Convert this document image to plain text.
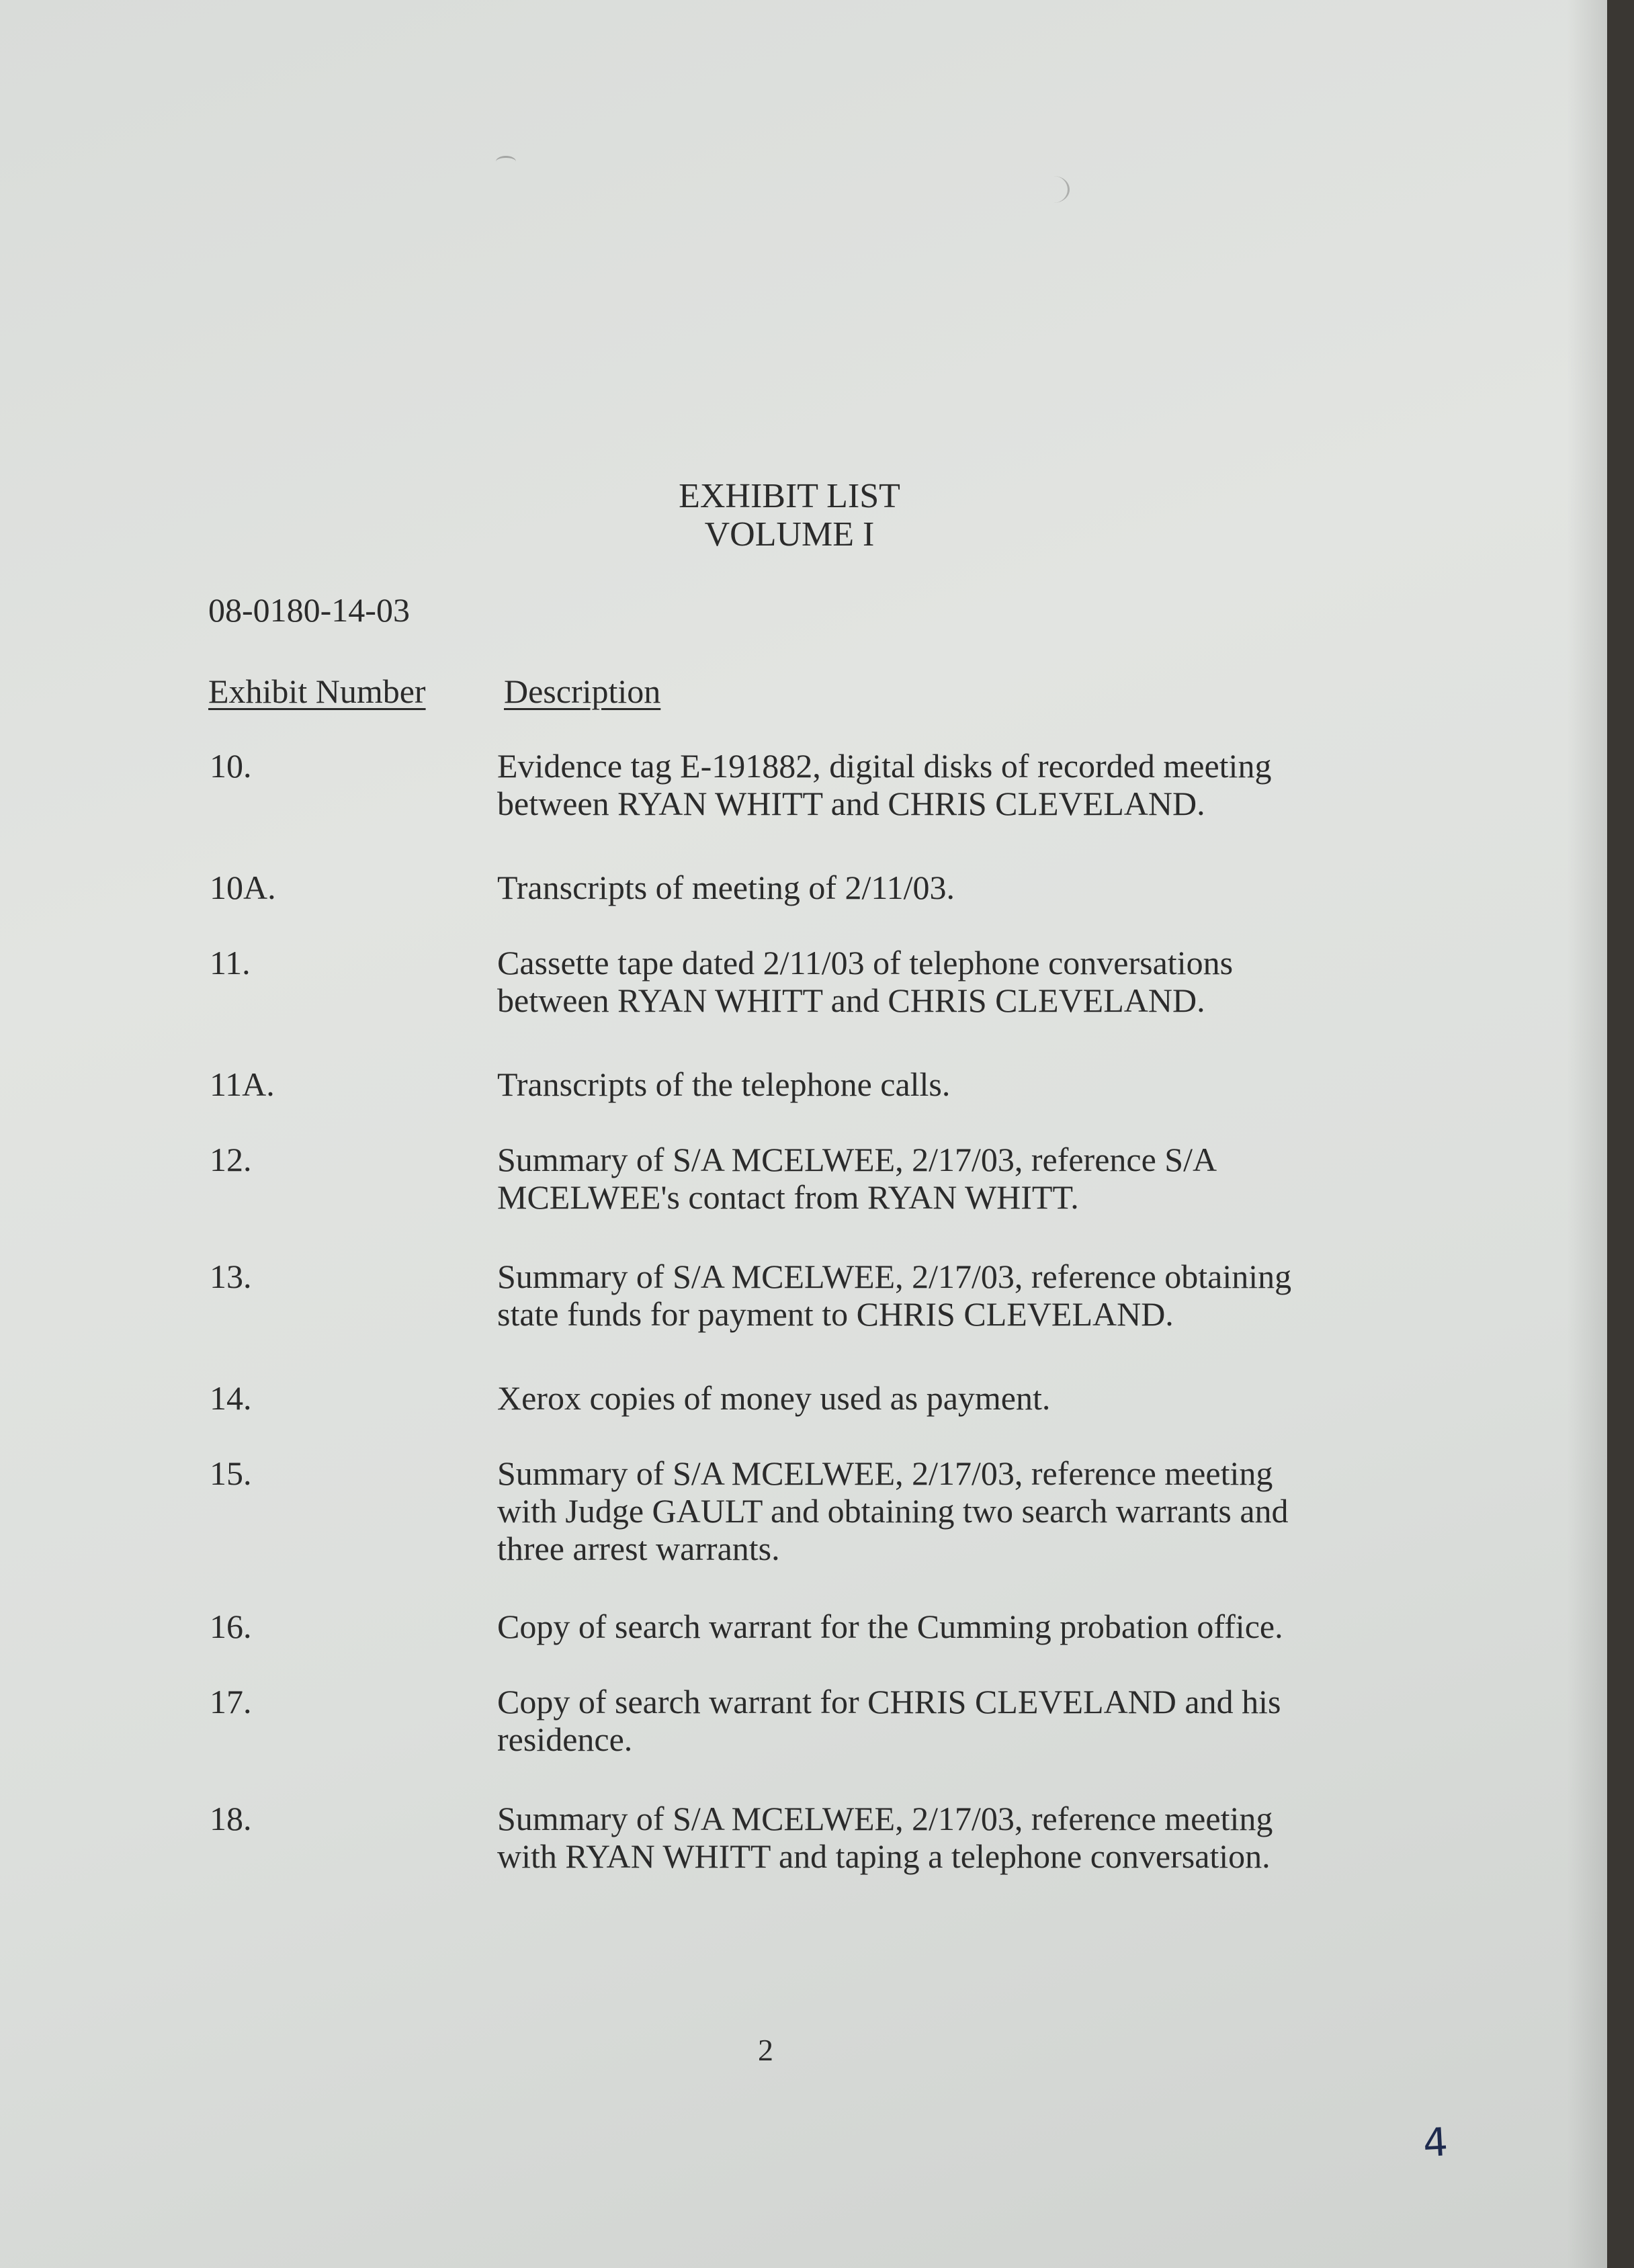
EXHIBIT LIST
VOLUME I
08-0180-14-03
Exhibit Number Description
10.	Evidence tag E-191882, digital disks of recorded meeting between RYAN WHITT and CHRIS CLEVELAND.
10A.	Transcripts of meeting of 2/11/03.
11.	Cassette tape dated 2/11/03 of telephone conversations between RYAN WHITT and CHRIS CLEVELAND.
11A.	Transcripts of the telephone calls.
12.	Summary of S/A MCELWEE, 2/17/03, reference S/A MCELWEE's contact from RYAN WHITT.
13.	Summary of S/A MCELWEE, 2/17/03, reference obtaining state funds for payment to CHRIS CLEVELAND.
14.	Xerox copies of money used as payment.
15.	Summary of S/A MCELWEE, 2/17/03, reference meeting with Judge GAULT and obtaining two search warrants and three arrest warrants.
16.	Copy of search warrant for the Cumming probation office.
17.	Copy of search warrant for CHRIS CLEVELAND and his residence.
18.	Summary of S/A MCELWEE, 2/17/03, reference meeting with RYAN WHITT and taping a telephone conversation.
2
4
